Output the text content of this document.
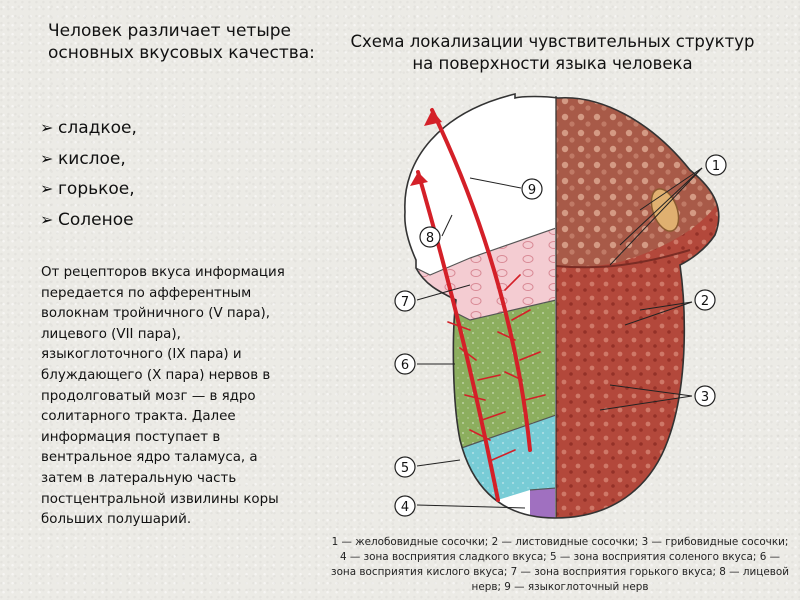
Человек различает четыре основных вкусовых качества:
➢ сладкое,
➢ кислое,
➢ горькое,
➢ Соленое
От рецепторов вкуса информация передается по афферентным волокнам тройничного (V пара), лицевого (VII пара), языкоглоточного (IX пара) и блуждающего (X пара) нервов в продолговатый мозг — в ядро солитарного тракта. Далее информация поступает в вентральное ядро таламуса, а затем в латеральную часть постцентральной извилины коры больших полушарий.
Схема локализации чувствительных структур
на поверхности языка человека
1
2
3
4
5
6
7
8
9
1 — желобовидные сосочки; 2 — листовидные сосочки; 3 — грибовидные сосочки; 4 — зона восприятия сладкого вкуса; 5 — зона восприятия соленого вкуса; 6 — зона восприятия кислого вкуса; 7 — зона восприятия горького вкуса; 8 — лицевой нерв; 9 — языкоглоточный нерв
